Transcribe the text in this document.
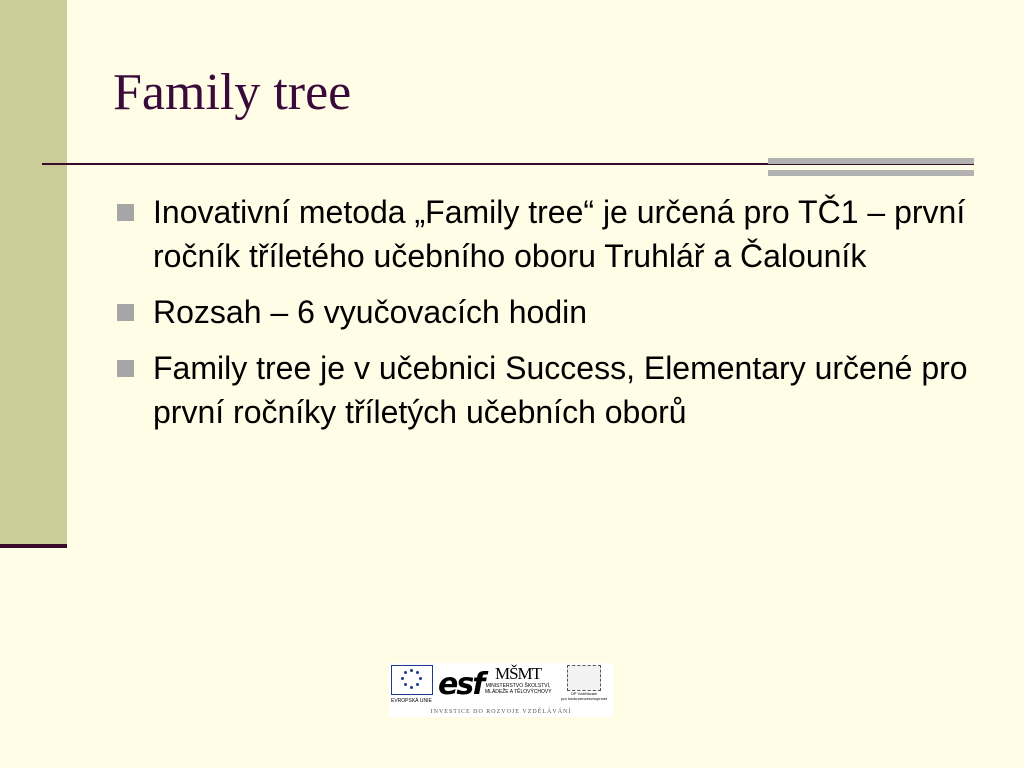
Family tree
Inovativní metoda „Family tree“ je určená pro TČ1 – první ročník tříletého učebního oboru Truhlář a Čalouník
Rozsah – 6 vyučovacích hodin
Family tree je v učebnici Success, Elementary určené pro první ročníky tříletých učebních oborů
EVROPSKÁ UNIE esf MŠMT
MINISTERSTVO ŠKOLSTVÍ,
MLÁDEŽE A TĚLOVÝCHOVY	OP Vzdělávání
pro konkurenceschopnost
INVESTICE DO ROZVOJE VZDĚLÁVÁNÍ
